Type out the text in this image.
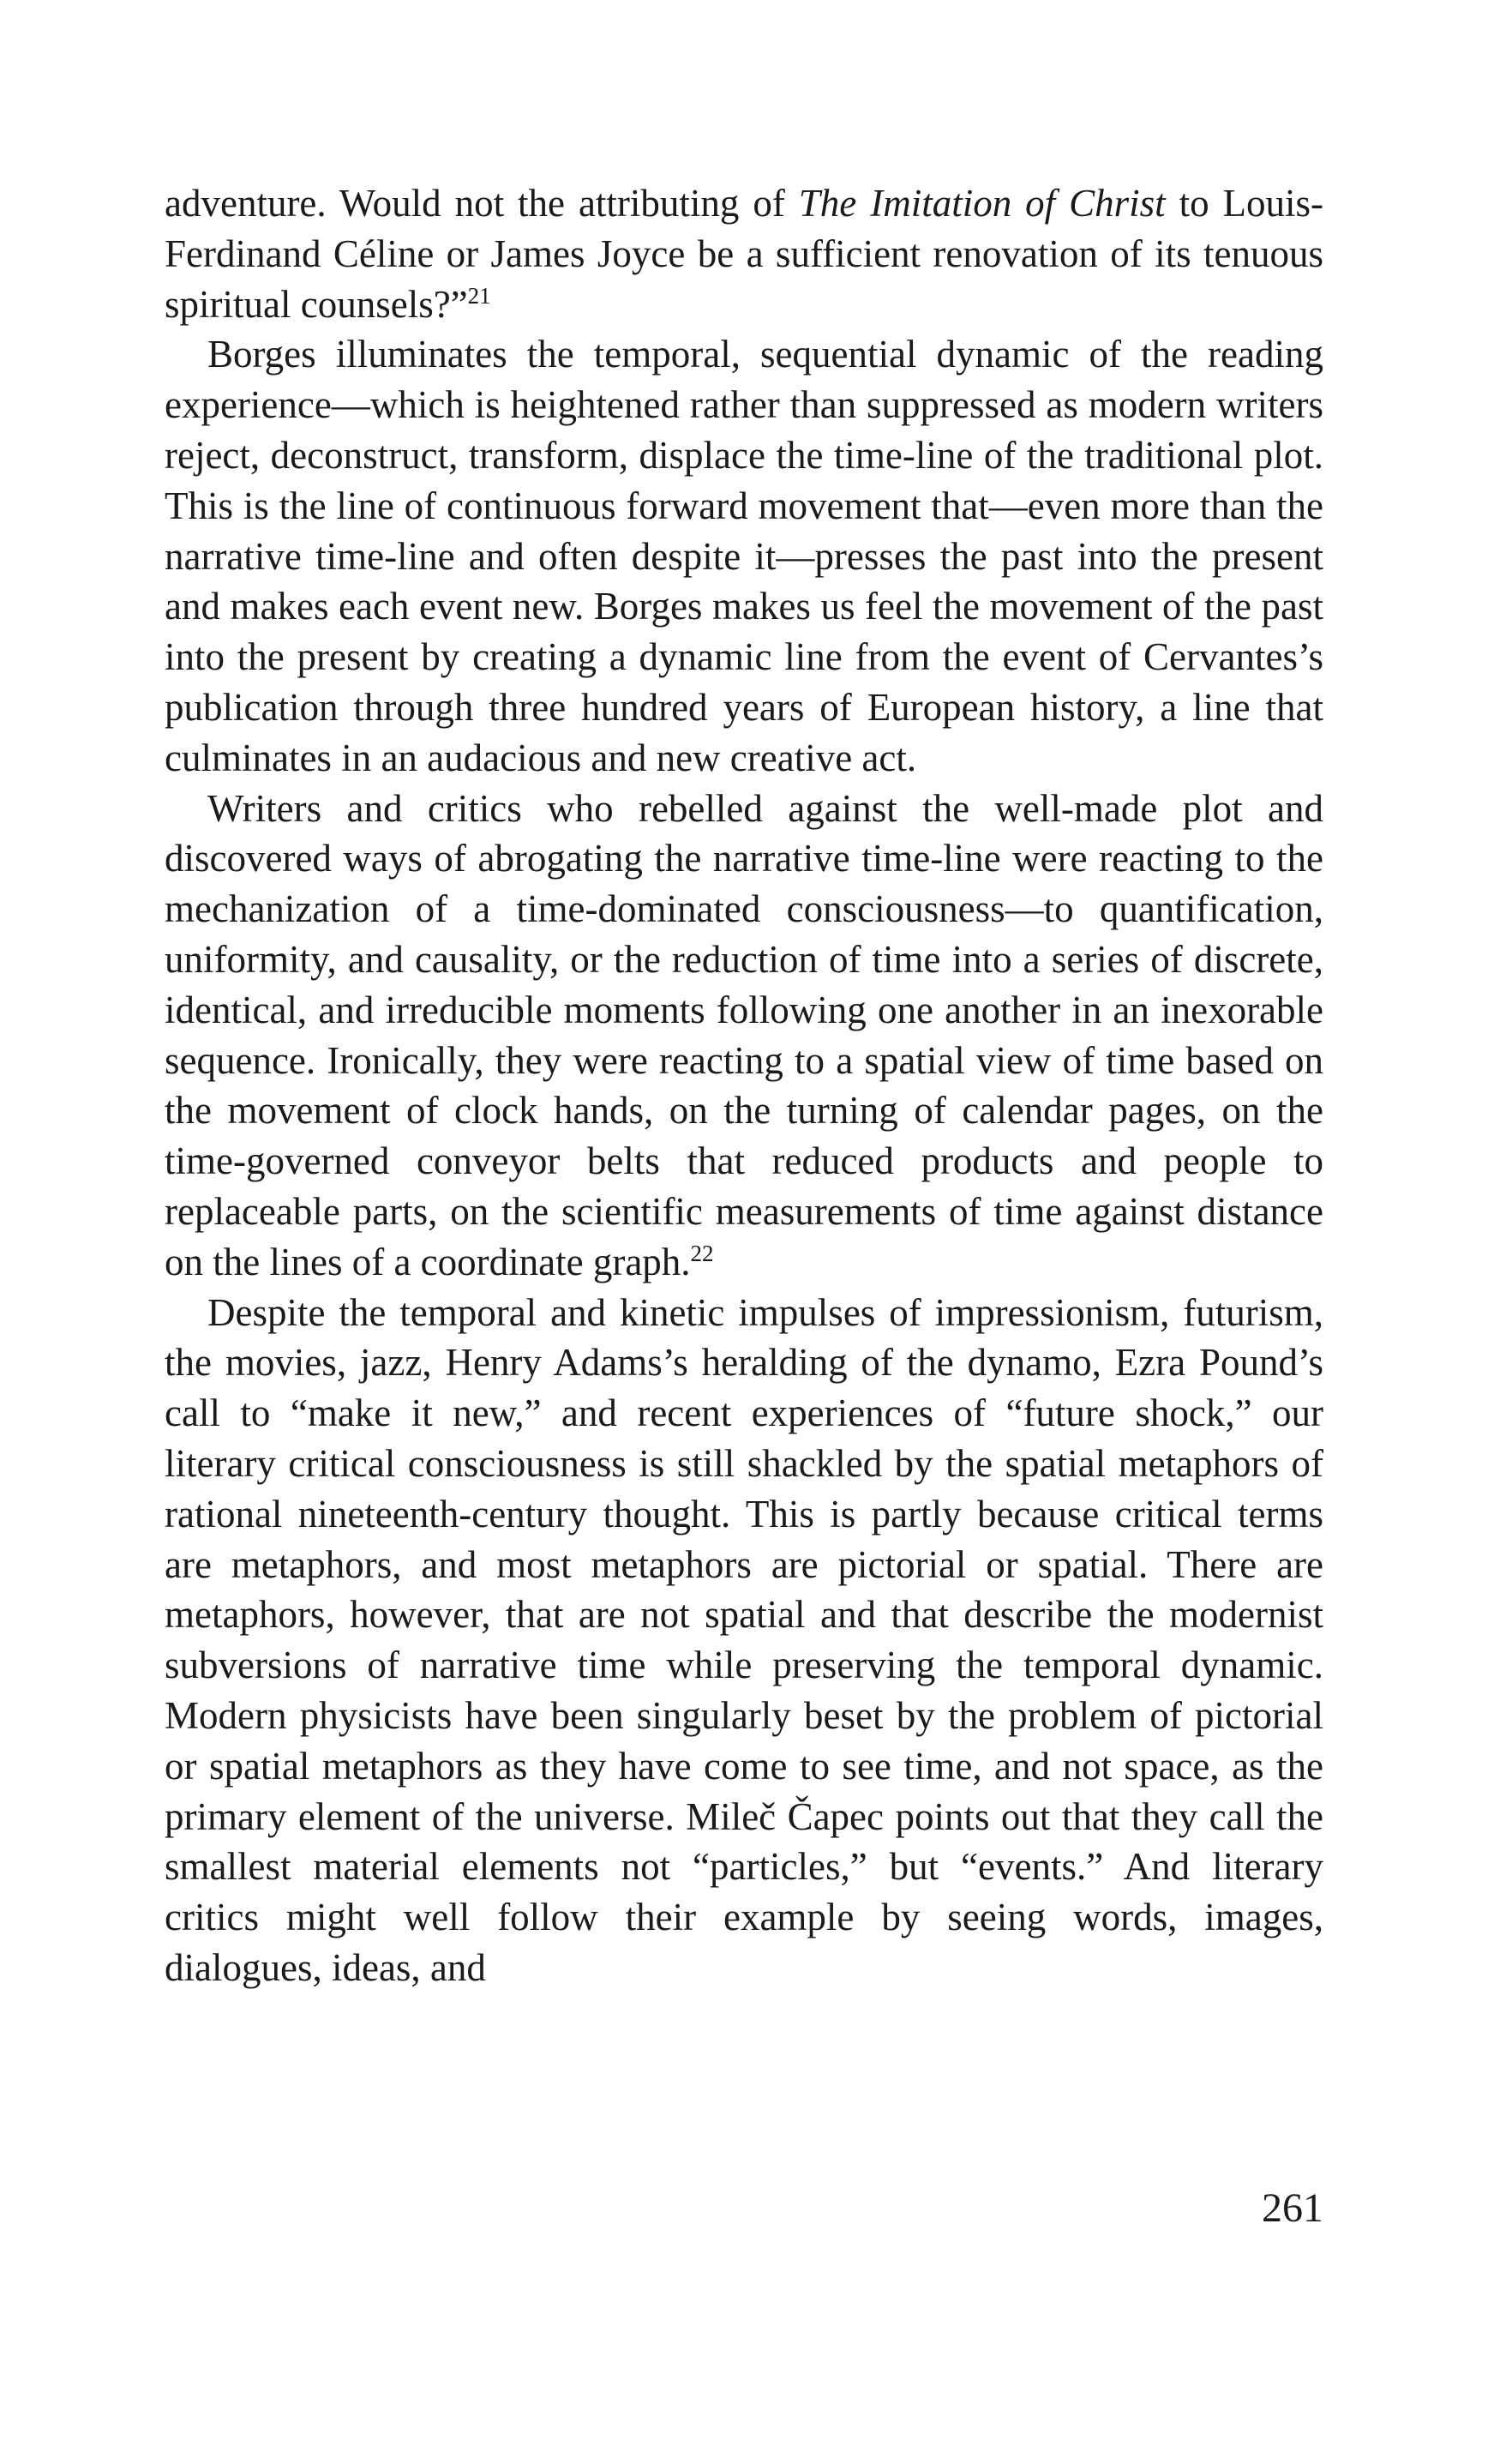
adventure. Would not the attributing of The Imitation of Christ to Louis-Ferdinand Céline or James Joyce be a sufficient renovation of its tenuous spiritual counsels?”$^{21}$

Borges illuminates the temporal, sequential dynamic of the reading experience—which is heightened rather than suppressed as modern writers reject, deconstruct, transform, displace the time-line of the traditional plot. This is the line of continuous forward movement that—even more than the narrative time-line and often despite it—presses the past into the present and makes each event new. Borges makes us feel the movement of the past into the present by creating a dynamic line from the event of Cervantes’s publication through three hundred years of European history, a line that culminates in an audacious and new creative act.

Writers and critics who rebelled against the well-made plot and discovered ways of abrogating the narrative time-line were reacting to the mechanization of a time-dominated consciousness—to quantification, uniformity, and causality, or the reduction of time into a series of discrete, identical, and irreducible moments following one another in an inexorable sequence. Ironically, they were reacting to a spatial view of time based on the movement of clock hands, on the turning of calendar pages, on the time-governed conveyor belts that reduced products and people to replaceable parts, on the scientific measurements of time against distance on the lines of a coordinate graph.$^{22}$

Despite the temporal and kinetic impulses of impressionism, futurism, the movies, jazz, Henry Adams’s heralding of the dynamo, Ezra Pound’s call to “make it new,” and recent experiences of “future shock,” our literary critical consciousness is still shackled by the spatial metaphors of rational nineteenth-century thought. This is partly because critical terms are metaphors, and most metaphors are pictorial or spatial. There are metaphors, however, that are not spatial and that describe the modernist subversions of narrative time while preserving the temporal dynamic. Modern physicists have been singularly beset by the problem of pictorial or spatial metaphors as they have come to see time, and not space, as the primary element of the universe. Mileč Čapec points out that they call the smallest material elements not “particles,” but “events.” And literary critics might well follow their example by seeing words, images, dialogues, ideas, and

261
